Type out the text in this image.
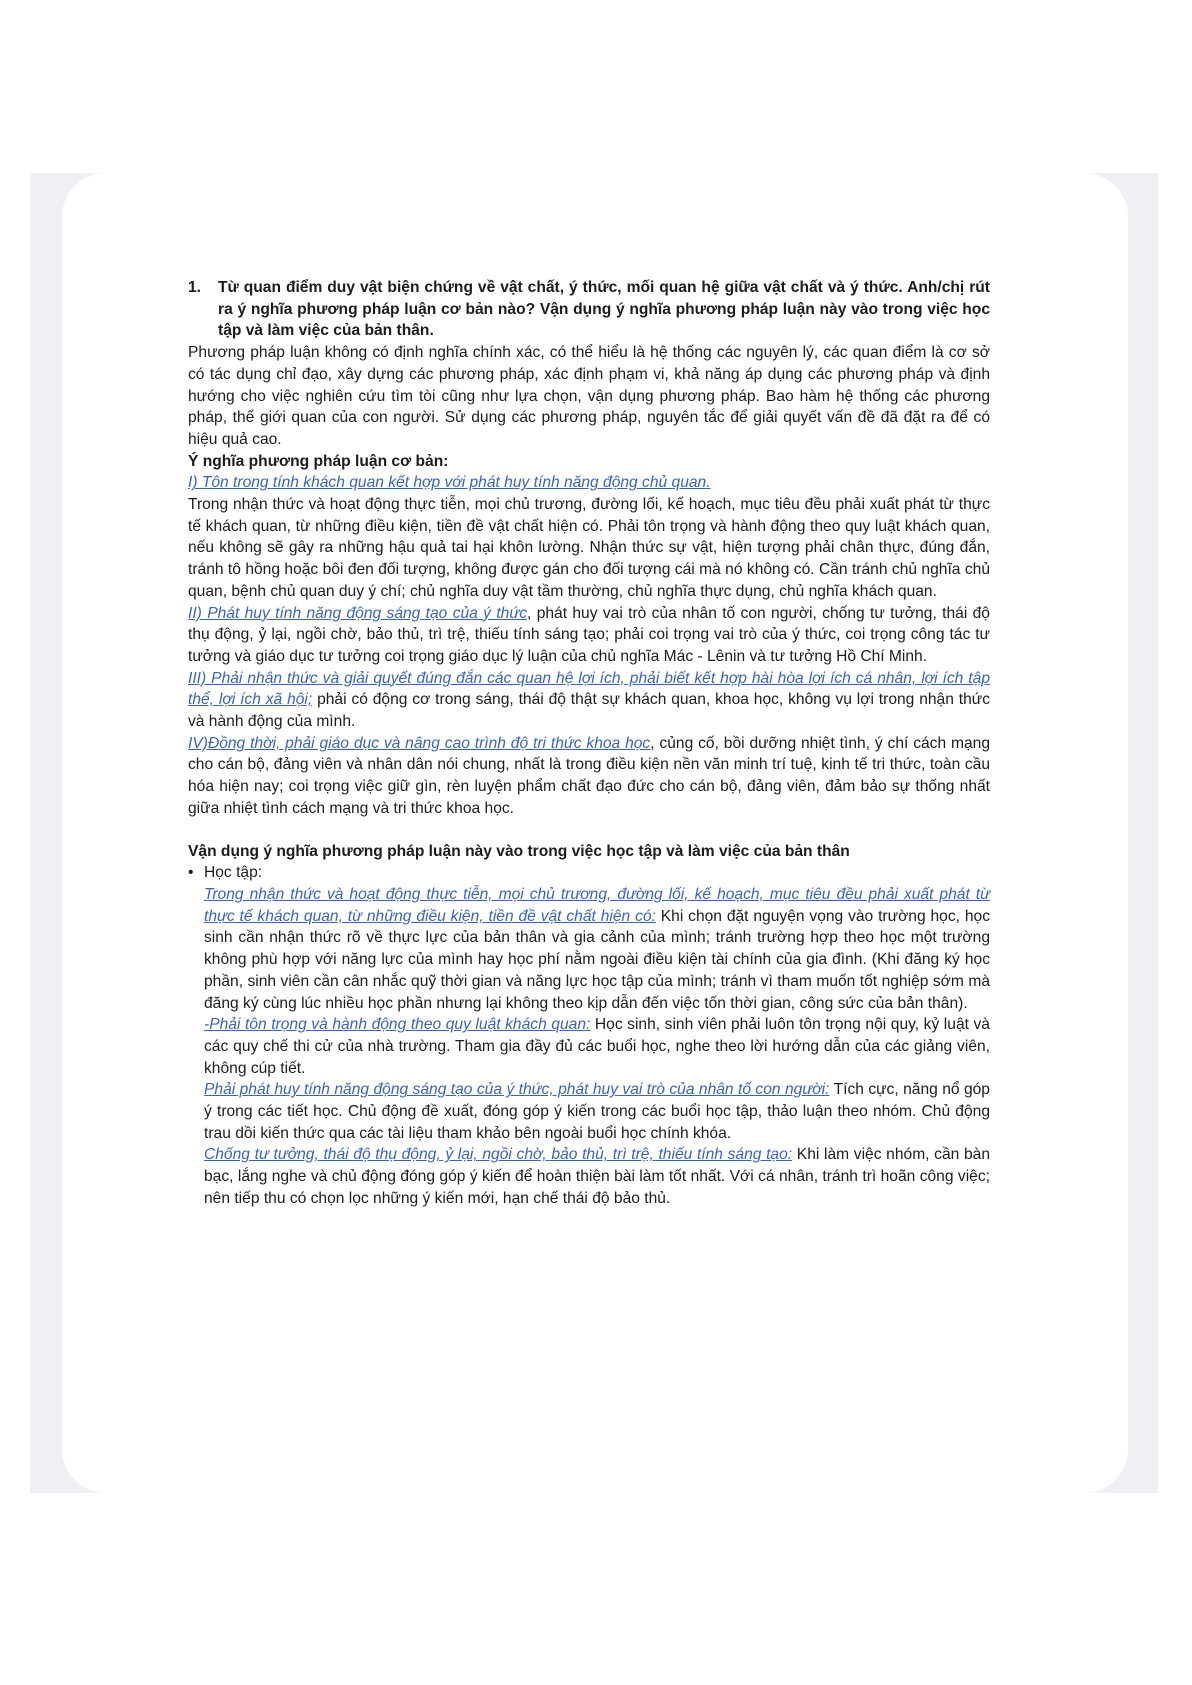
1.	Từ quan điểm duy vật biện chứng về vật chất, ý thức, mối quan hệ giữa vật chất và ý thức. Anh/chị rút ra ý nghĩa phương pháp luận cơ bản nào? Vận dụng ý nghĩa phương pháp luận này vào trong việc học tập và làm việc của bản thân.

Phương pháp luận không có định nghĩa chính xác, có thể hiểu là hệ thống các nguyên lý, các quan điểm là cơ sở có tác dụng chỉ đạo, xây dựng các phương pháp, xác định phạm vi, khả năng áp dụng các phương pháp và định hướng cho việc nghiên cứu tìm tòi cũng như lựa chọn, vận dụng phương pháp. Bao hàm hệ thống các phương pháp, thế giới quan của con người. Sử dụng các phương pháp, nguyên tắc để giải quyết vấn đề đã đặt ra để có hiệu quả cao.

Ý nghĩa phương pháp luận cơ bản:

I) Tôn trong tính khách quan kết hợp với phát huy tính năng động chủ quan.
Trong nhận thức và hoạt động thực tiễn, mọi chủ trương, đường lối, kế hoạch, mục tiêu đều phải xuất phát từ thực tế khách quan, từ những điều kiện, tiền đề vật chất hiện có. Phải tôn trọng và hành động theo quy luật khách quan, nếu không sẽ gây ra những hậu quả tai hại khôn lường. Nhận thức sự vật, hiện tượng phải chân thực, đúng đắn, tránh tô hồng hoặc bôi đen đối tượng, không được gán cho đối tượng cái mà nó không có. Cần tránh chủ nghĩa chủ quan, bệnh chủ quan duy ý chí; chủ nghĩa duy vật tầm thường, chủ nghĩa thực dụng, chủ nghĩa khách quan.

II) Phát huy tính năng động sáng tạo của ý thức, phát huy vai trò của nhân tố con người, chống tư tưởng, thái độ thụ động, ỷ lại, ngồi chờ, bảo thủ, trì trệ, thiếu tính sáng tạo; phải coi trọng vai trò của ý thức, coi trọng công tác tư tưởng và giáo dục tư tưởng coi trọng giáo dục lý luận của chủ nghĩa Mác - Lênin và tư tưởng Hồ Chí Minh.

III) Phải nhận thức và giải quyết đúng đắn các quan hệ lợi ích, phải biết kết hợp hài hòa lợi ích cá nhân, lợi ích tập thể, lợi ích xã hội; phải có động cơ trong sáng, thái độ thật sự khách quan, khoa học, không vụ lợi trong nhận thức và hành động của mình.

IV)Đồng thời, phải giáo dục và nâng cao trình độ tri thức khoa học, củng cố, bồi dưỡng nhiệt tình, ý chí cách mạng cho cán bộ, đảng viên và nhân dân nói chung, nhất là trong điều kiện nền văn minh trí tuệ, kinh tế tri thức, toàn cầu hóa hiện nay; coi trọng việc giữ gìn, rèn luyện phẩm chất đạo đức cho cán bộ, đảng viên, đảm bảo sự thống nhất giữa nhiệt tình cách mạng và tri thức khoa học.

Vận dụng ý nghĩa phương pháp luận này vào trong việc học tập và làm việc của bản thân

• Học tập:

Trong nhận thức và hoạt động thực tiễn, mọi chủ trương, đường lối, kế hoạch, mục tiêu đều phải xuất phát từ thực tế khách quan, từ những điều kiện, tiền đề vật chất hiện có: Khi chọn đặt nguyện vọng vào trường học, học sinh cần nhận thức rõ về thực lực của bản thân và gia cảnh của mình; tránh trường hợp theo học một trường không phù hợp với năng lực của mình hay học phí nằm ngoài điều kiện tài chính của gia đình. (Khi đăng ký học phần, sinh viên cần cân nhắc quỹ thời gian và năng lực học tập của mình; tránh vì tham muốn tốt nghiệp sớm mà đăng ký cùng lúc nhiều học phần nhưng lại không theo kịp dẫn đến việc tốn thời gian, công sức của bản thân).

-Phải tôn trọng và hành động theo quy luật khách quan: Học sinh, sinh viên phải luôn tôn trọng nội quy, kỷ luật và các quy chế thi cử của nhà trường. Tham gia đầy đủ các buổi học, nghe theo lời hướng dẫn của các giảng viên, không cúp tiết.

Phải phát huy tính năng động sáng tạo của ý thức, phát huy vai trò của nhân tố con người: Tích cực, năng nổ góp ý trong các tiết học. Chủ động đề xuất, đóng góp ý kiến trong các buổi học tập, thảo luận theo nhóm. Chủ động trau dồi kiến thức qua các tài liệu tham khảo bên ngoài buổi học chính khóa.

Chống tư tưởng, thái độ thụ động, ỷ lại, ngồi chờ, bảo thủ, trì trệ, thiếu tính sáng tạo: Khi làm việc nhóm, cần bàn bạc, lắng nghe và chủ động đóng góp ý kiến để hoàn thiện bài làm tốt nhất. Với cá nhân, tránh trì hoãn công việc; nên tiếp thu có chọn lọc những ý kiến mới, hạn chế thái độ bảo thủ.
